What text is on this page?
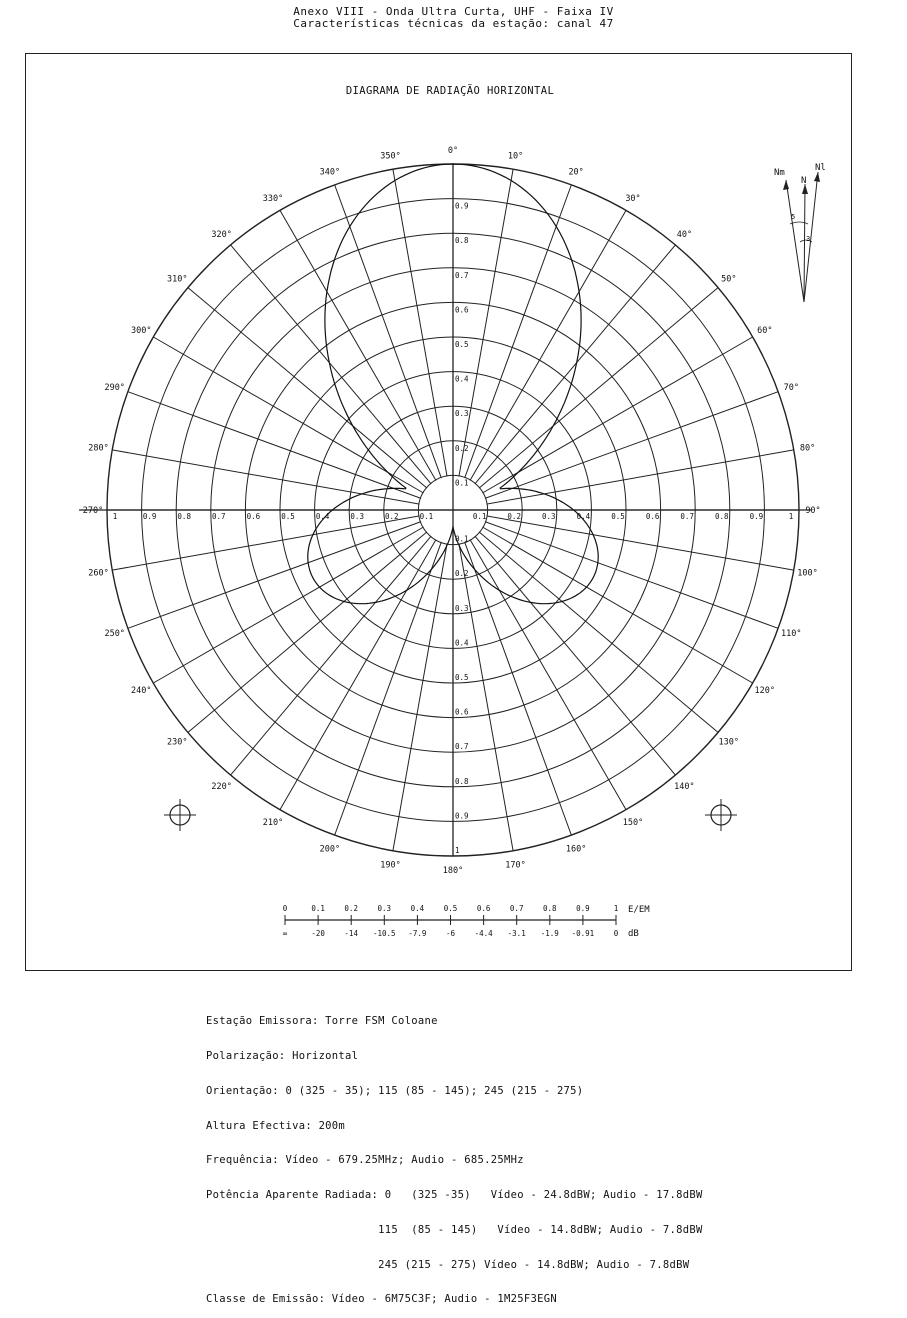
Anexo VIII - Onda Ultra Curta, UHF - Faixa IV
Características técnicas da estação: canal 47
DIAGRAMA DE RADIAÇÃO HORIZONTAL
0°
10°
20°
30°
40°
50°
60°
70°
80°
90°
100°
110°
120°
130°
140°
150°
160°
170°
180°
190°
200°
210°
220°
230°
240°
250°
260°
270°
280°
290°
300°
310°
320°
330°
340°
350°
0.9
0.8
0.7
0.6
0.5
0.4
0.3
0.2
0.1
0.1
0.2
0.3
0.4
0.5
0.6
0.7
0.8
0.9
1
1	0.9	0.8	0.7	0.6	0.5	0.4	0.3	0.2	0.1	0.1	0.2	0.3	0.4	0.5	0.6	0.7	0.8	0.9	1
Nm
N
Nl
5
3
0	0.1	0.2	0.3	0.4	0.5	0.6	0.7	0.8	0.9	1
∞	-20	-14 -10.5 -7.9	-6	-4.4 -3.1 -1.9 -0.91	0
E/EM
dB

Estação Emissora: Torre FSM Coloane

Polarização: Horizontal

Orientação: 0 (325 - 35); 115 (85 - 145); 245 (215 - 275)

Altura Efectiva: 200m

Frequência: Vídeo - 679.25MHz; Audio - 685.25MHz

Potência Aparente Radiada: 0   (325 -35)   Vídeo - 24.8dBW; Audio - 17.8dBW

115  (85 - 145)   Vídeo - 14.8dBW; Audio - 7.8dBW

245 (215 - 275) Vídeo - 14.8dBW; Audio - 7.8dBW

Classe de Emissão: Vídeo - 6M75C3F; Audio - 1M25F3EGN
